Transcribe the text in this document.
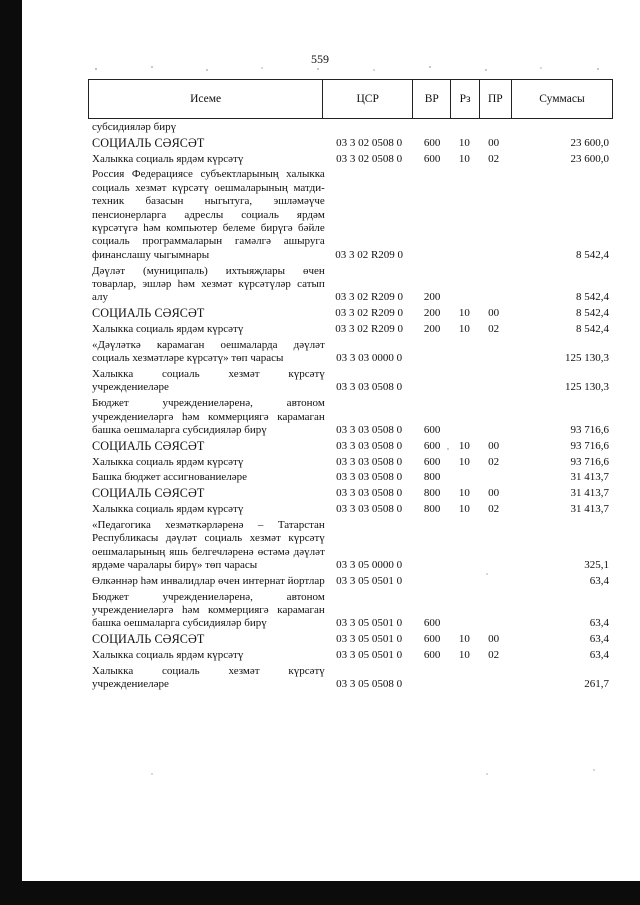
559
Исеме	ЦСР	ВР	Рз	ПР	Суммасы
субсидияләр бирү					
СОЦИАЛЬ СӘЯСӘТ	03 3 02 0508 0	600	10	00	23 600,0
Халыкка социаль ярдәм күрсәтү	03 3 02 0508 0	600	10	02	23 600,0
Россия Федерациясе субъектларының халыкка социаль хезмәт күрсәтү оешмаларының матди-техник базасын ныгытуга, эшләмәүче пенсионерларга адреслы социаль ярдәм күрсәтүгә һәм компьютер белеме бирүгә бәйле социаль программаларын гамәлгә ашыруга финанслашу чыгымнары	03 3 02 R209 0				8 542,4
Дәүләт (муниципаль) ихтыяҗлары өчен товарлар, эшләр һәм хезмәт күрсәтүләр сатып алу	03 3 02 R209 0	200			8 542,4
СОЦИАЛЬ СӘЯСӘТ	03 3 02 R209 0	200	10	00	8 542,4
Халыкка социаль ярдәм күрсәтү	03 3 02 R209 0	200	10	02	8 542,4
«Дәүләткә карамаган оешмаларда дәүләт социаль хезмәтләре күрсәтү» төп чарасы	03 3 03 0000 0				125 130,3
Халыкка социаль хезмәт күрсәтү учреждениеләре	03 3 03 0508 0				125 130,3
Бюджет учреждениеләренә, автоном учреждениеләргә һәм коммерциягә карамаган башка оешмаларга субсидияләр бирү	03 3 03 0508 0	600			93 716,6
СОЦИАЛЬ СӘЯСӘТ	03 3 03 0508 0	600	10	00	93 716,6
Халыкка социаль ярдәм күрсәтү	03 3 03 0508 0	600	10	02	93 716,6
Башка бюджет ассигнованиеләре	03 3 03 0508 0	800			31 413,7
СОЦИАЛЬ СӘЯСӘТ	03 3 03 0508 0	800	10	00	31 413,7
Халыкка социаль ярдәм күрсәтү	03 3 03 0508 0	800	10	02	31 413,7
«Педагогика хезмәткәрләренә – Татарстан Республикасы дәүләт социаль хезмәт күрсәтү оешмаларының яшь белгечләренә өстәмә дәүләт ярдәме чаралары бирү» төп чарасы	03 3 05 0000 0				325,1
Өлкәннәр һәм инвалидлар өчен интернат йортлар	03 3 05 0501 0				63,4
Бюджет учреждениеләренә, автоном учреждениеләргә һәм коммерциягә карамаган башка оешмаларга субсидияләр бирү	03 3 05 0501 0	600			63,4
СОЦИАЛЬ СӘЯСӘТ	03 3 05 0501 0	600	10	00	63,4
Халыкка социаль ярдәм күрсәтү	03 3 05 0501 0	600	10	02	63,4
Халыкка социаль хезмәт күрсәтү учреждениеләре	03 3 05 0508 0				261,7
